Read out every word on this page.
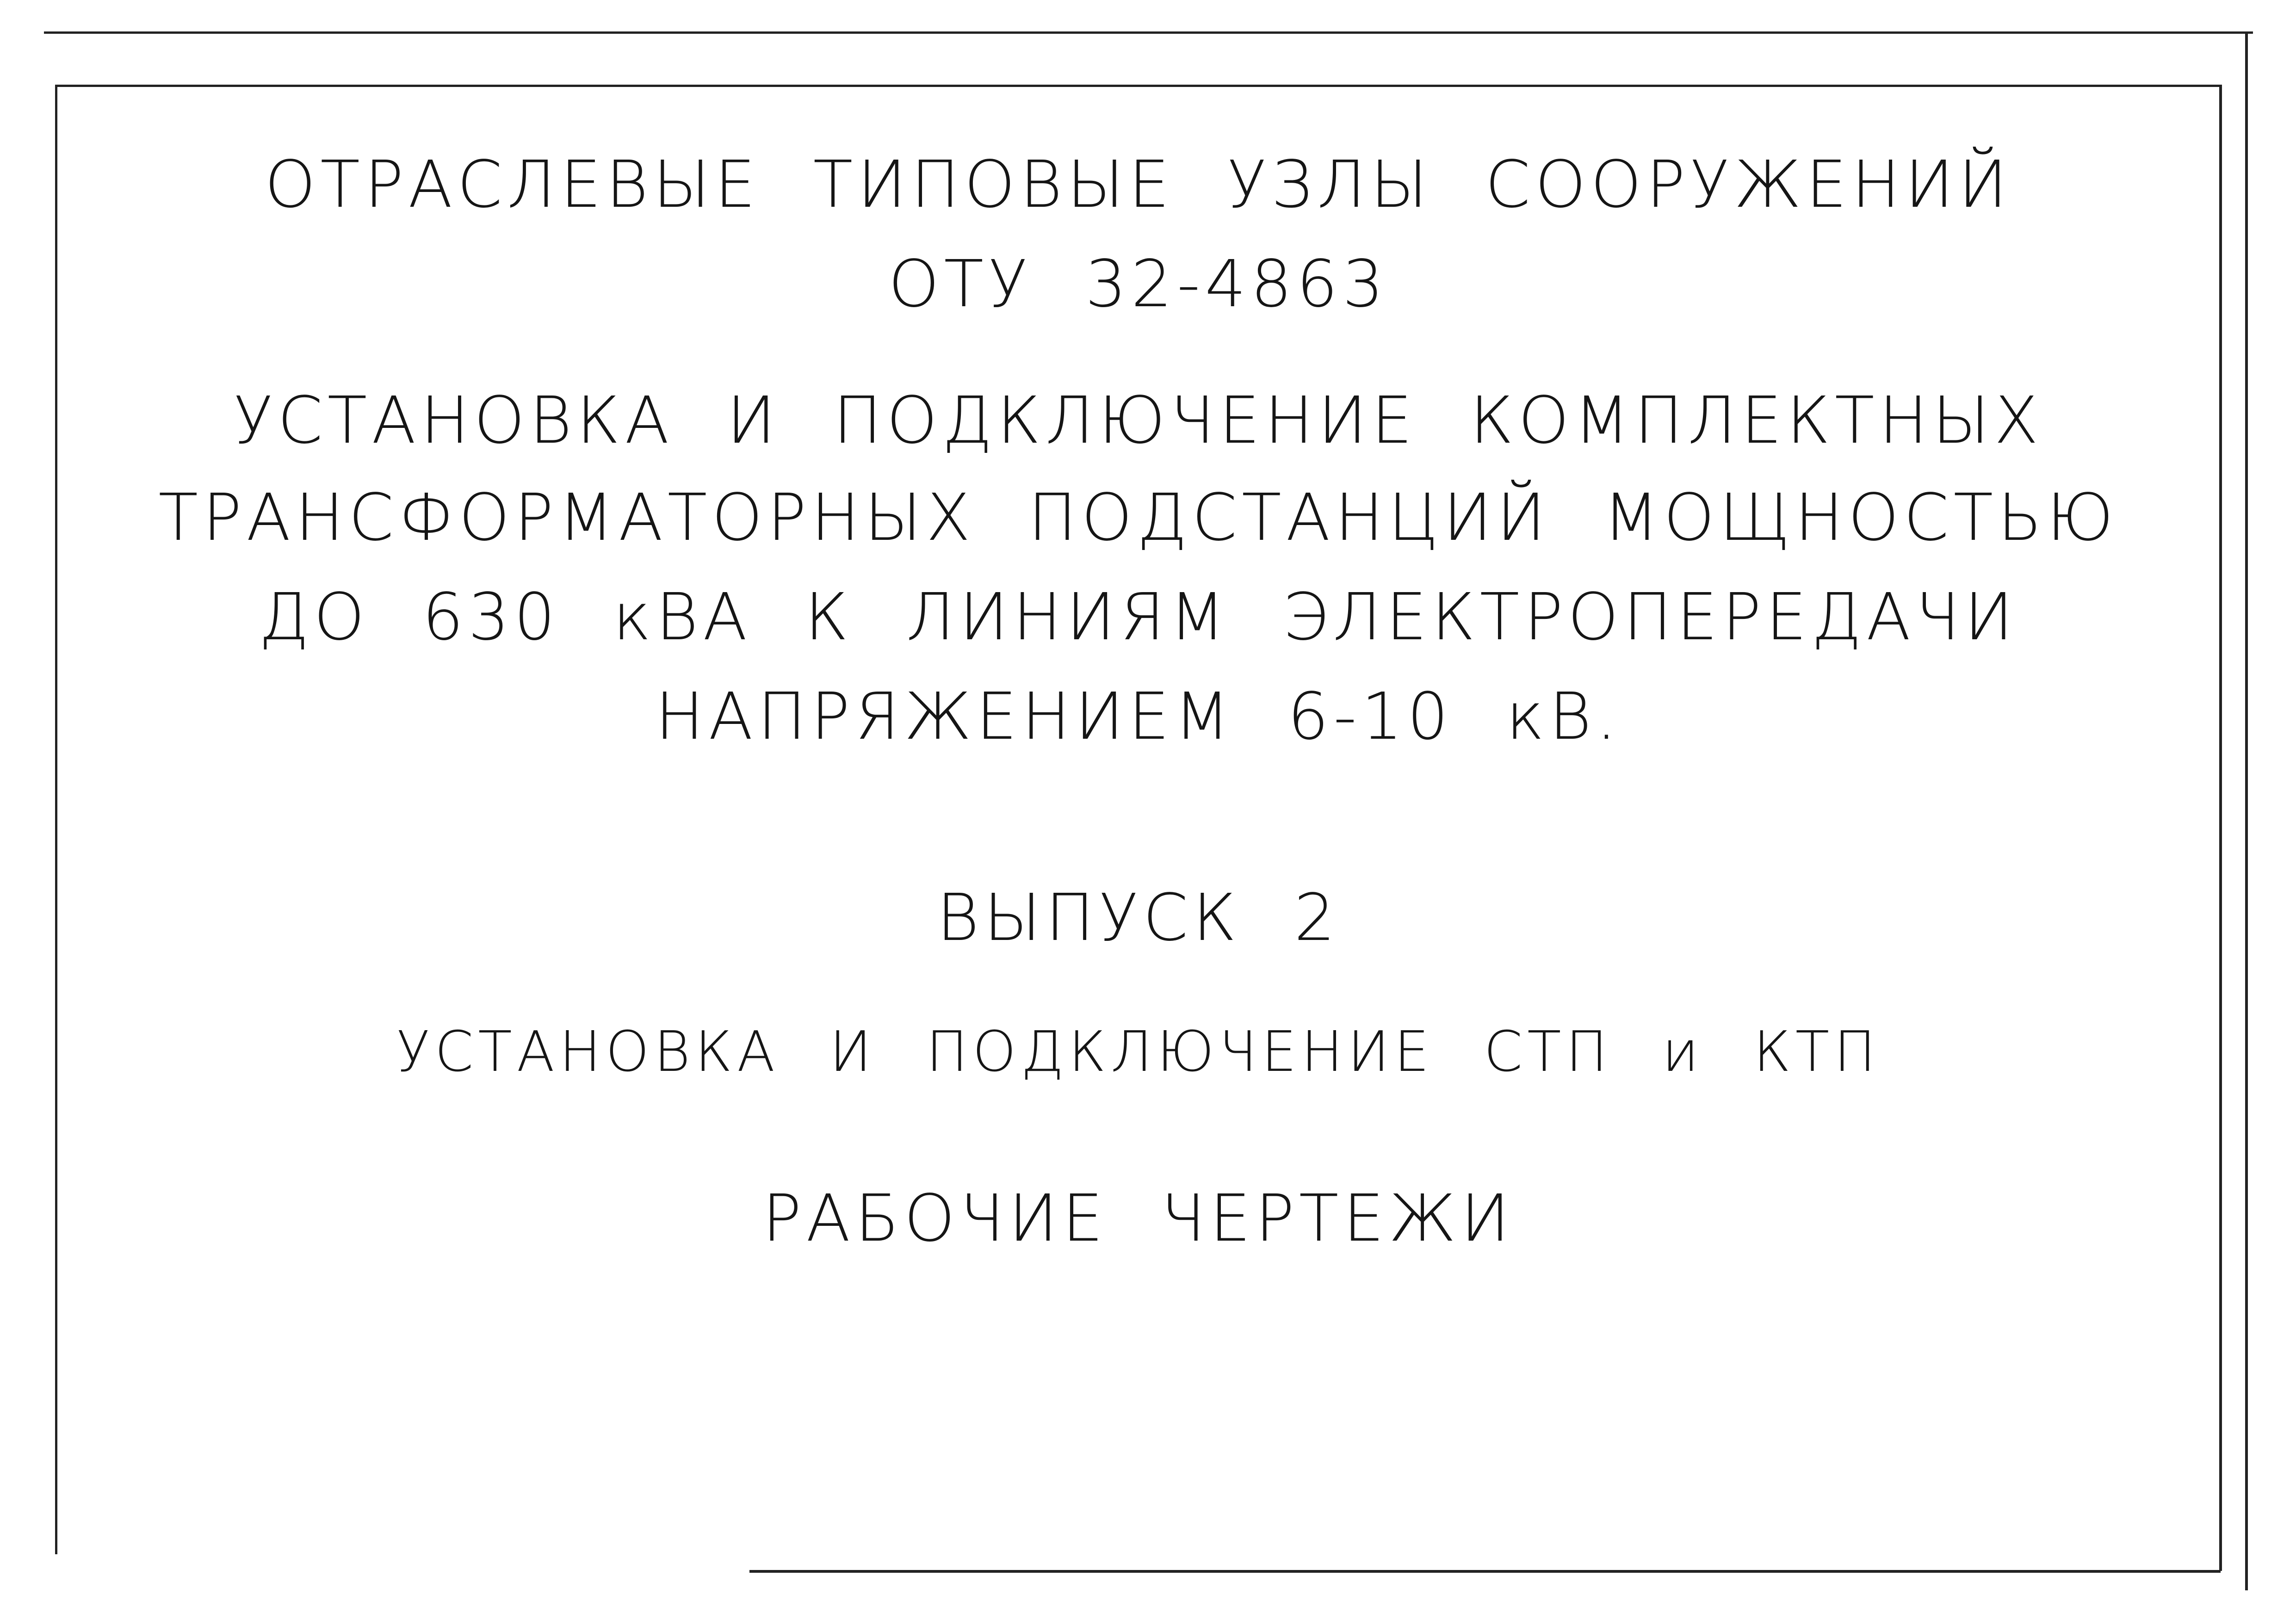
ОТРАСЛЕВЫЕ ТИПОВЫЕ УЗЛЫ СООРУЖЕНИЙ
ОТУ 32-4863
УСТАНОВКА И ПОДКЛЮЧЕНИЕ КОМПЛЕКТНЫХ
ТРАНСФОРМАТОРНЫХ ПОДСТАНЦИЙ МОЩНОСТЬЮ
ДО 630 кВА К ЛИНИЯМ ЭЛЕКТРОПЕРЕДАЧИ
НАПРЯЖЕНИЕМ 6-10 кВ.
ВЫПУСК 2
УСТАНОВКА И ПОДКЛЮЧЕНИЕ СТП и КТП
РАБОЧИЕ ЧЕРТЕЖИ
